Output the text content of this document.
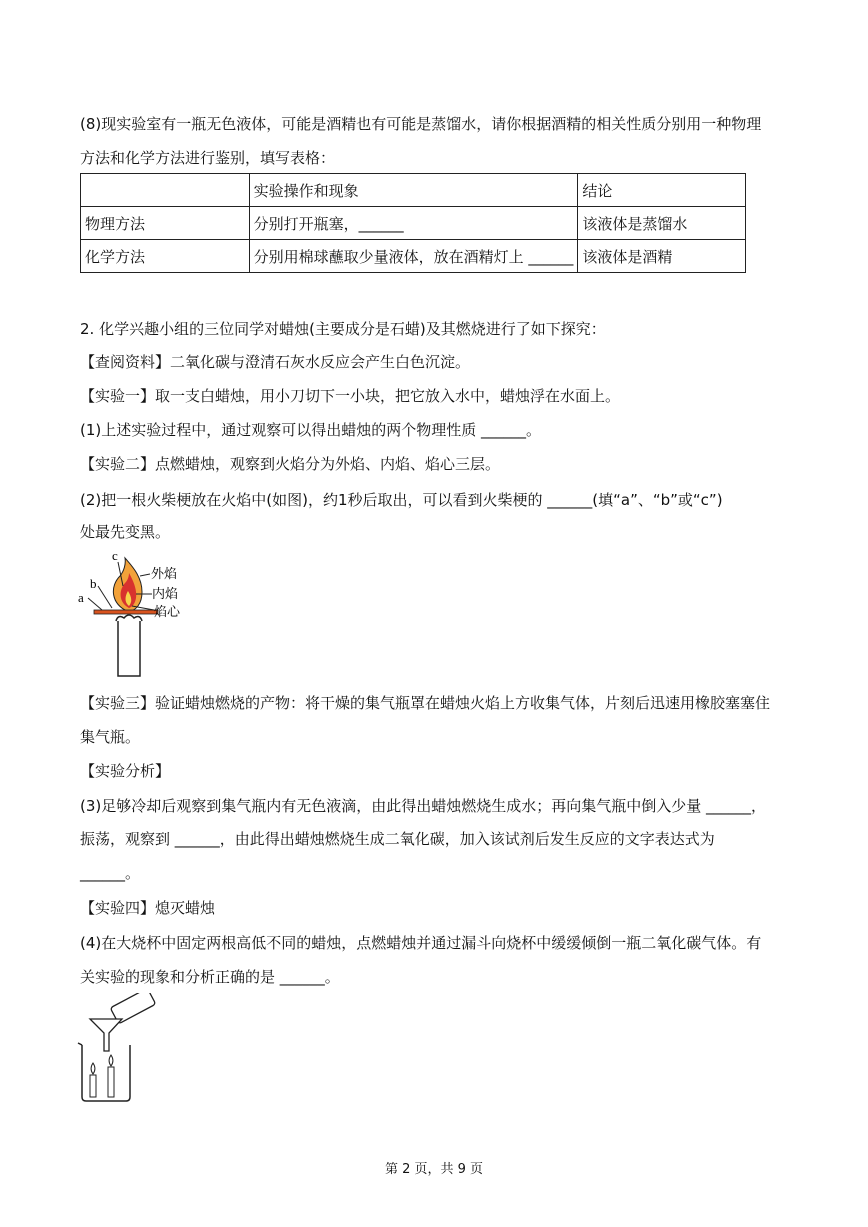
(8)现实验室有一瓶无色液体，可能是酒精也有可能是蒸馏水，请你根据酒精的相关性质分别用一种物理
方法和化学方法进行鉴别，填写表格：
	实验操作和现象	结论
物理方法	分别打开瓶塞，______	该液体是蒸馏水
化学方法	分别用棉球蘸取少量液体，放在酒精灯上 ______	该液体是酒精
2. 化学兴趣小组的三位同学对蜡烛(主要成分是石蜡)及其燃烧进行了如下探究：
【查阅资料】二氧化碳与澄清石灰水反应会产生白色沉淀。
【实验一】取一支白蜡烛，用小刀切下一小块，把它放入水中，蜡烛浮在水面上。
(1)上述实验过程中，通过观察可以得出蜡烛的两个物理性质 ______。
【实验二】点燃蜡烛，观察到火焰分为外焰、内焰、焰心三层。
(2)把一根火柴梗放在火焰中(如图)，约1秒后取出，可以看到火柴梗的 ______(填“a”、“b”或“c”)
处最先变黑。
c
b
a
外焰
内焰
焰心
【实验三】验证蜡烛燃烧的产物：将干燥的集气瓶罩在蜡烛火焰上方收集气体，片刻后迅速用橡胶塞塞住
集气瓶。
【实验分析】
(3)足够冷却后观察到集气瓶内有无色液滴，由此得出蜡烛燃烧生成水；再向集气瓶中倒入少量 ______，
振荡，观察到 ______，由此得出蜡烛燃烧生成二氧化碳，加入该试剂后发生反应的文字表达式为
______。
【实验四】熄灭蜡烛
(4)在大烧杯中固定两根高低不同的蜡烛，点燃蜡烛并通过漏斗向烧杯中缓缓倾倒一瓶二氧化碳气体。有
关实验的现象和分析正确的是 ______。
第 2 页，共 9 页
